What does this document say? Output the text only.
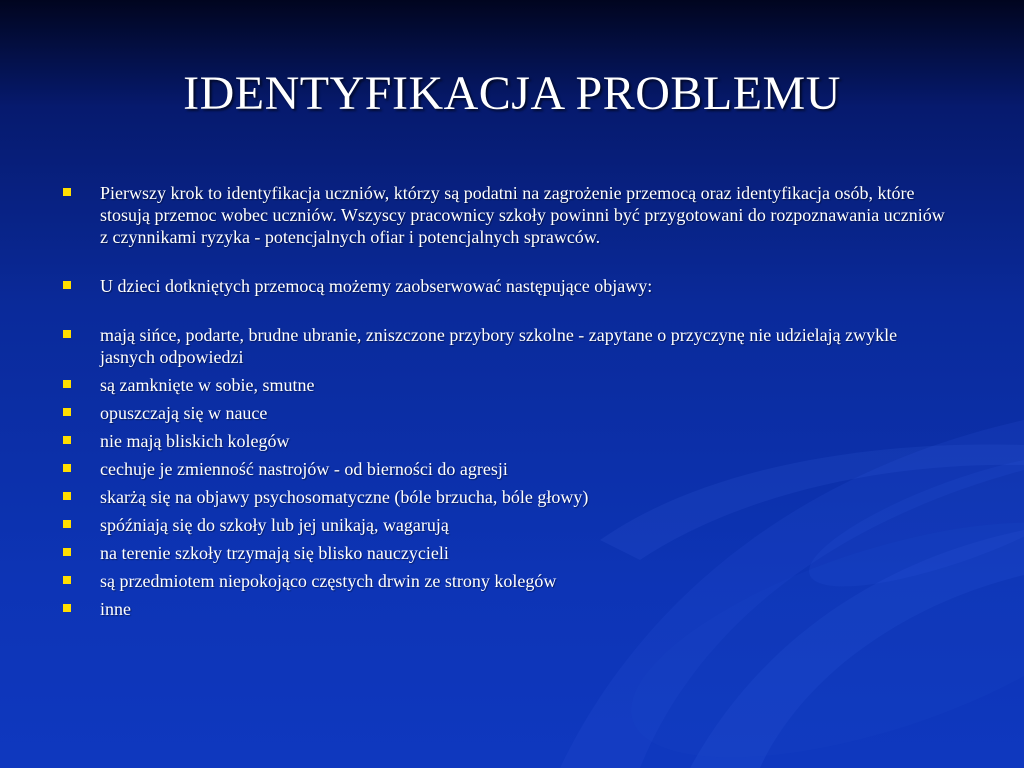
IDENTYFIKACJA PROBLEMU
Pierwszy krok to identyfikacja uczniów, którzy są podatni na zagrożenie przemocą oraz identyfikacja osób, które stosują przemoc wobec uczniów. Wszyscy pracownicy szkoły powinni być przygotowani do rozpoznawania uczniów z czynnikami ryzyka - potencjalnych ofiar i potencjalnych sprawców.
U dzieci dotkniętych przemocą możemy zaobserwować następujące objawy:
mają sińce, podarte, brudne ubranie, zniszczone przybory szkolne - zapytane o przyczynę nie udzielają zwykle jasnych odpowiedzi
są zamknięte w sobie, smutne
opuszczają się w nauce
nie mają bliskich kolegów
cechuje je zmienność nastrojów - od bierności do agresji
skarżą się na objawy psychosomatyczne (bóle brzucha, bóle głowy)
spóźniają się do szkoły lub jej unikają, wagarują
na terenie szkoły trzymają się blisko nauczycieli
są przedmiotem niepokojąco częstych drwin ze strony kolegów
inne
